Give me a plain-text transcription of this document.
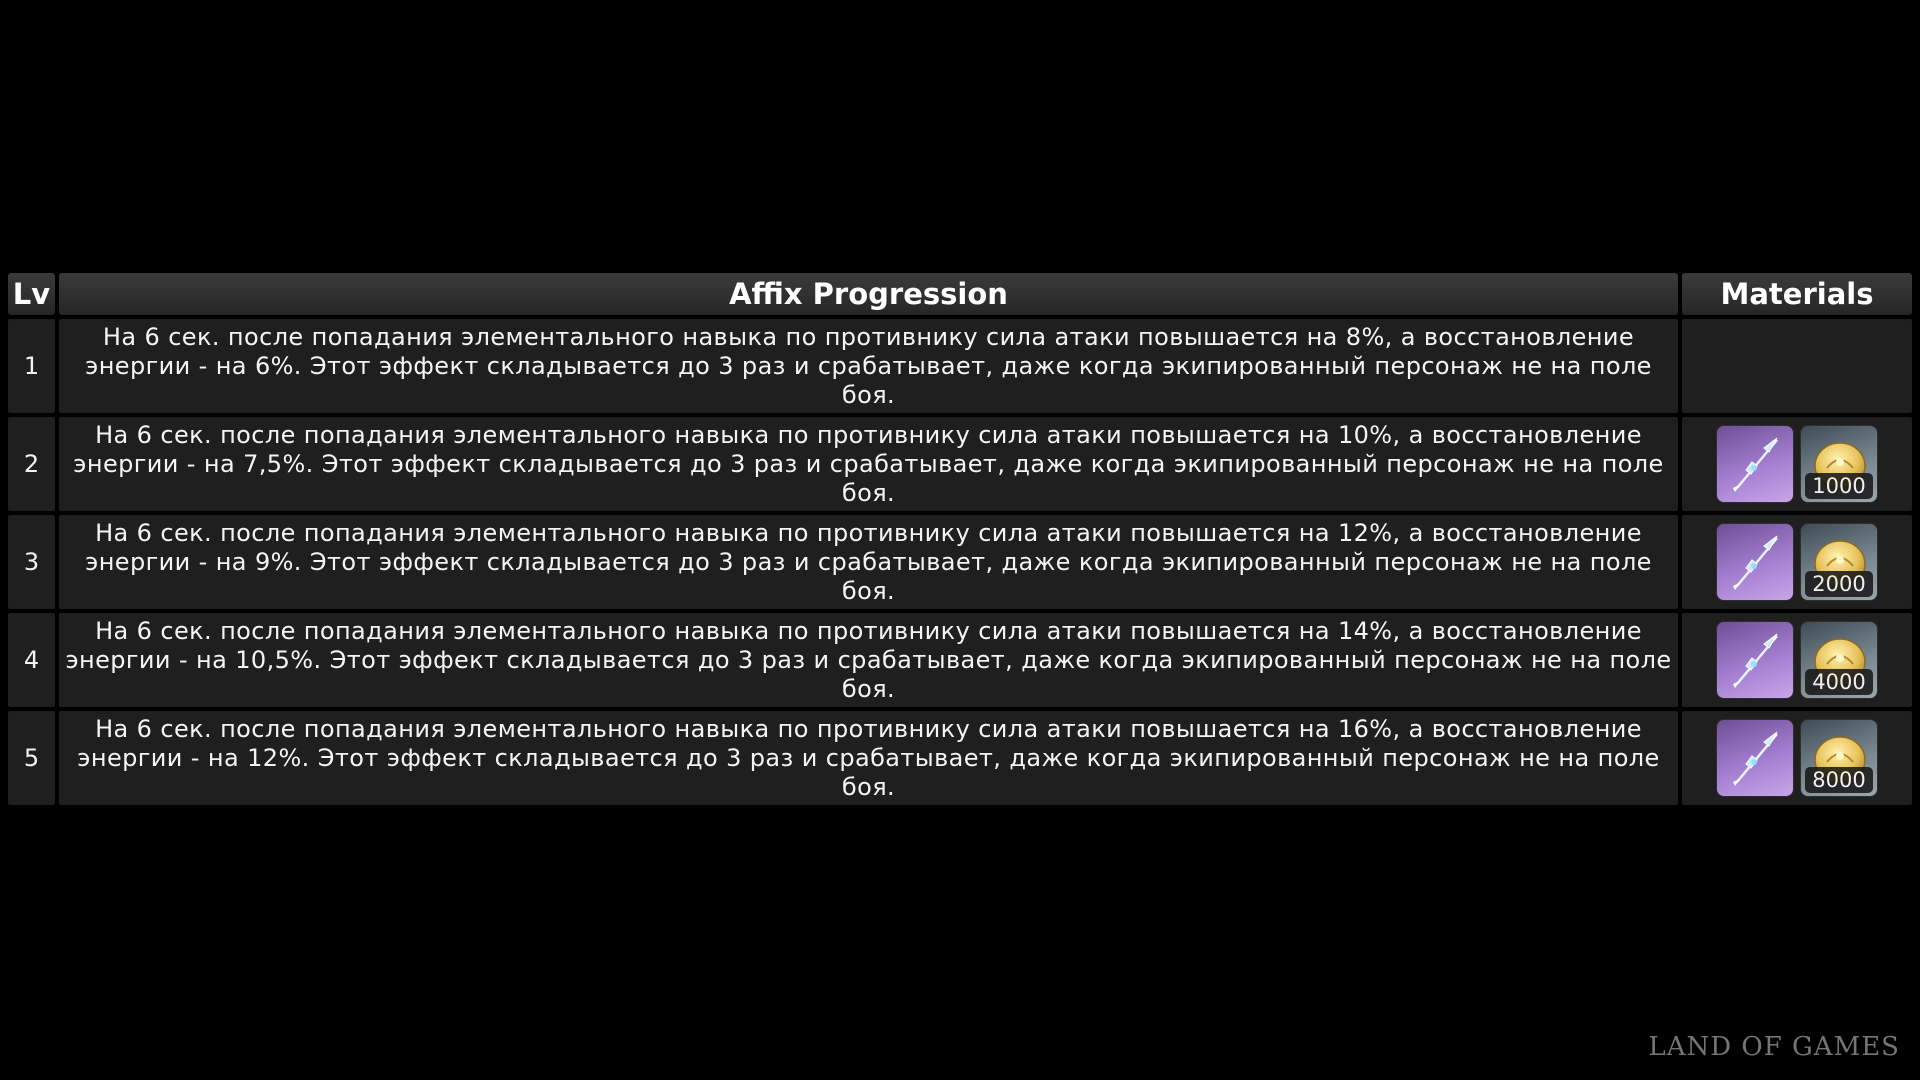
Lv	Affix Progression	Materials
1	На 6 сек. после попадания элементального навыка по противнику сила атаки повышается на 8%, а восстановление энергии - на 6%. Этот эффект складывается до 3 раз и срабатывает, даже когда экипированный персонаж не на поле боя.	
2	На 6 сек. после попадания элементального навыка по противнику сила атаки повышается на 10%, а восстановление энергии - на 7,5%. Этот эффект складывается до 3 раз и срабатывает, даже когда экипированный персонаж не на поле боя.	1000

3	На 6 сек. после попадания элементального навыка по противнику сила атаки повышается на 12%, а восстановление энергии - на 9%. Этот эффект складывается до 3 раз и срабатывает, даже когда экипированный персонаж не на поле боя.	2000

4	На 6 сек. после попадания элементального навыка по противнику сила атаки повышается на 14%, а восстановление энергии - на 10,5%. Этот эффект складывается до 3 раз и срабатывает, даже когда экипированный персонаж не на поле боя.	4000

5	На 6 сек. после попадания элементального навыка по противнику сила атаки повышается на 16%, а восстановление энергии - на 12%. Этот эффект складывается до 3 раз и срабатывает, даже когда экипированный персонаж не на поле боя.	8000
LAND OF GAMES
